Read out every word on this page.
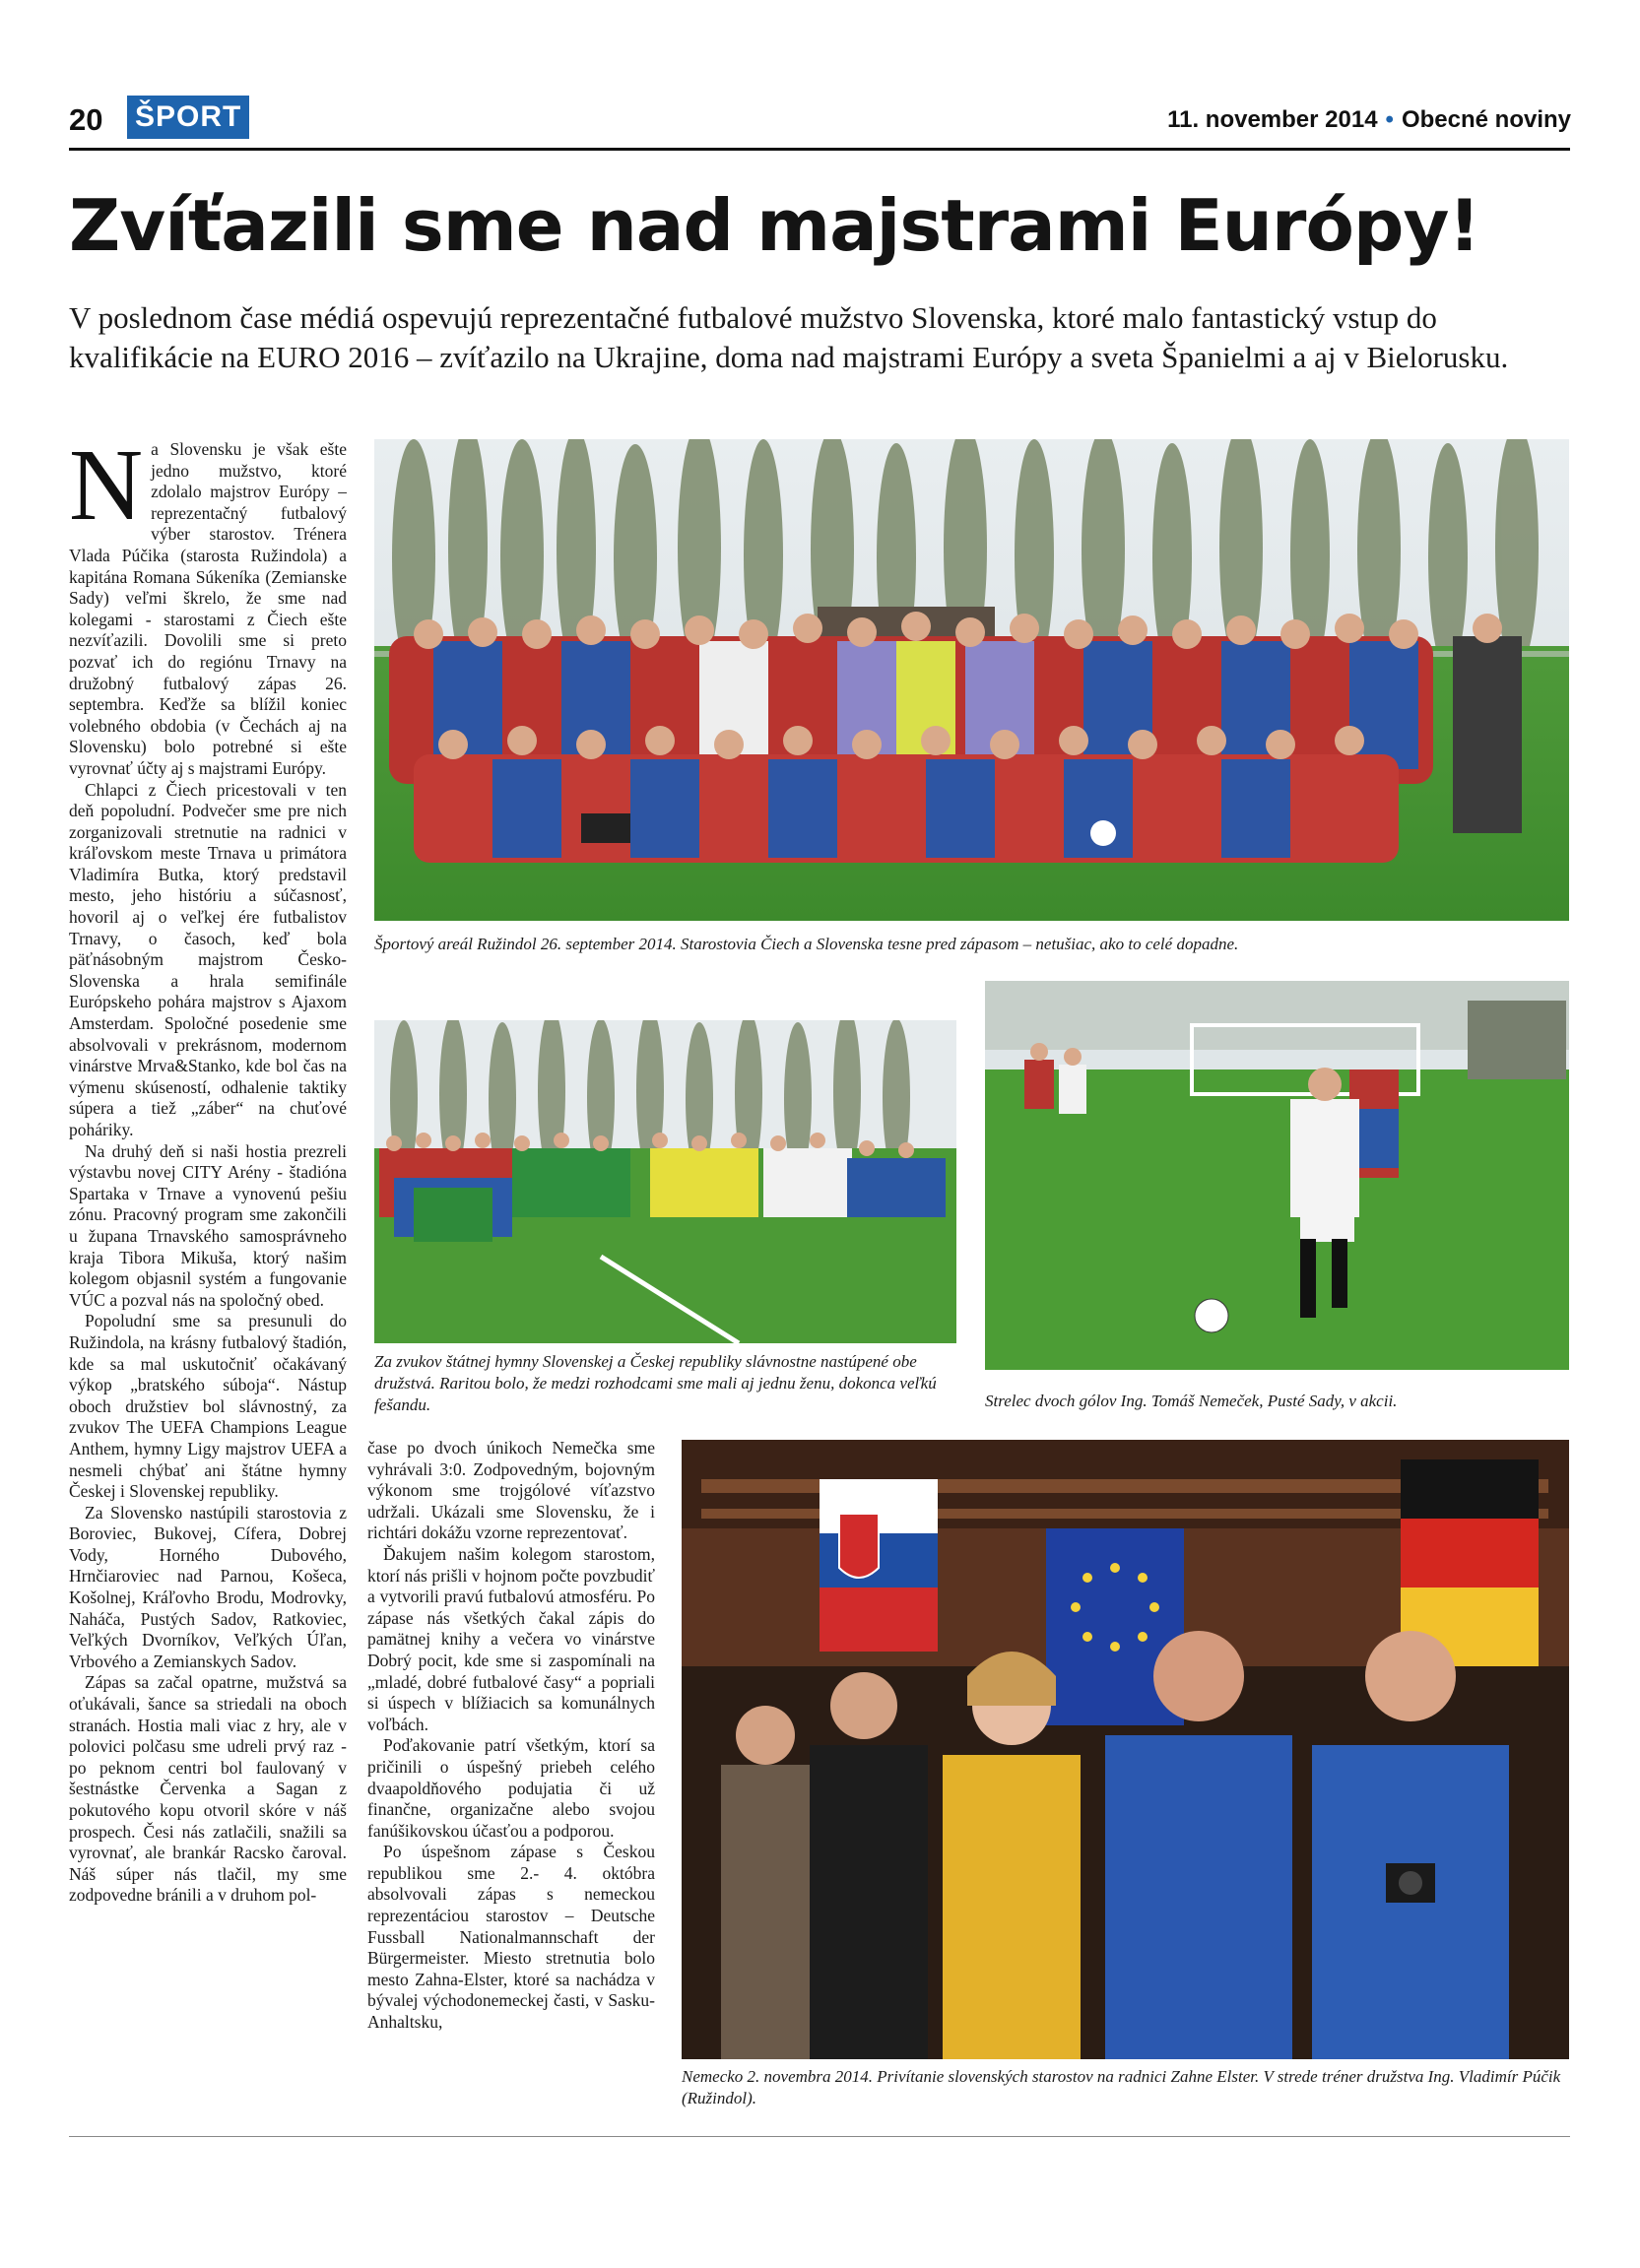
20 ŠPORT	11. november 2014 • Obecné noviny
Zvíťazili sme nad majstrami Európy!
V poslednom čase médiá ospevujú reprezentačné futbalové mužstvo Slovenska, ktoré malo fantastický vstup do kvalifikácie na EURO 2016 – zvíťazilo na Ukrajine, doma nad majstrami Európy a sveta Španielmi a aj v Bielorusku.

Na Slovensku je však ešte jedno mužstvo, ktoré zdolalo majstrov Európy – reprezentačný futbalový výber starostov. Trénera Vlada Púčika (starosta Ružindola) a kapitána Romana Súkeníka (Zemianske Sady) veľmi škrelo, že sme nad kolegami - starostami z Čiech ešte nezvíťazili. Dovolili sme si preto pozvať ich do regiónu Trnavy na družobný futbalový zápas 26. septembra. Keďže sa blížil koniec volebného obdobia (v Čechách aj na Slovensku) bolo potrebné si ešte vyrovnať účty aj s majstrami Európy.

Chlapci z Čiech pricestovali v ten deň popoludní. Podvečer sme pre nich zorganizovali stretnutie na radnici v kráľovskom meste Trnava u primátora Vladimíra Butka, ktorý predstavil mesto, jeho históriu a súčasnosť, hovoril aj o veľkej ére futbalistov Trnavy, o časoch, keď bola päťnásobným majstrom Česko-Slovenska a hrala semifinále Európskeho pohára majstrov s Ajaxom Amsterdam. Spoločné posedenie sme absolvovali v prekrásnom, modernom vinárstve Mrva&Stanko, kde bol čas na výmenu skúseností, odhalenie taktiky súpera a tiež „záber“ na chuťové poháriky.

Na druhý deň si naši hostia prezreli výstavbu novej CITY Arény - štadióna Spartaka v Trnave a vynovenú pešiu zónu. Pracovný program sme zakončili u župana Trnavského samosprávneho kraja Tibora Mikuša, ktorý našim kolegom objasnil systém a fungovanie VÚC a pozval nás na spoločný obed.

Popoludní sme sa presunuli do Ružindola, na krásny futbalový štadión, kde sa mal uskutočniť očakávaný výkop „bratského súboja“. Nástup oboch družstiev bol slávnostný, za zvukov The UEFA Champions League Anthem, hymny Ligy majstrov UEFA a nesmeli chýbať ani štátne hymny Českej i Slovenskej republiky.

Za Slovensko nastúpili starostovia z Boroviec, Bukovej, Cífera, Dobrej Vody, Horného Dubového, Hrnčiaroviec nad Parnou, Košeca, Košolnej, Kráľovho Brodu, Modrovky, Naháča, Pustých Sadov, Ratkoviec, Veľkých Dvorníkov, Veľkých Úľan, Vrbového a Zemianskych Sadov.

Zápas sa začal opatrne, mužstvá sa oťukávali, šance sa striedali na oboch stranách. Hostia mali viac z hry, ale v polovici polčasu sme udreli prvý raz - po peknom centri bol faulovaný v šestnástke Červenka a Sagan z pokutového kopu otvoril skóre v náš prospech. Česi nás zatlačili, snažili sa vyrovnať, ale brankár Racsko čaroval. Náš súper nás tlačil, my sme zodpovedne bránili a v druhom pol-

čase po dvoch únikoch Nemečka sme vyhrávali 3:0. Zodpovedným, bojovným výkonom sme trojgólové víťazstvo udržali. Ukázali sme Slovensku, že i richtári dokážu vzorne reprezentovať.

Ďakujem našim kolegom starostom, ktorí nás prišli v hojnom počte povzbudiť a vytvorili pravú futbalovú atmosféru. Po zápase nás všetkých čakal zápis do pamätnej knihy a večera vo vinárstve Dobrý pocit, kde sme si zaspomínali na „mladé, dobré futbalové časy“ a popriali si úspech v blížiacich sa komunálnych voľbách.

Poďakovanie patrí všetkým, ktorí sa pričinili o úspešný priebeh celého dvaapoldňového podujatia či už finančne, organizačne alebo svojou fanúšikovskou účasťou a podporou.

Po úspešnom zápase s Českou republikou sme 2.- 4. októbra absolvovali zápas s nemeckou reprezentáciou starostov – Deutsche Fussball Nationalmannschaft der Bürgermeister. Miesto stretnutia bolo mesto Zahna-Elster, ktoré sa nachádza v bývalej východonemeckej časti, v Sasku-Anhaltsku,

Športový areál Ružindol 26. september 2014. Starostovia Čiech a Slovenska tesne pred zápasom – netušiac, ako to celé dopadne.
Za zvukov štátnej hymny Slovenskej a Českej republiky slávnostne nastúpené obe družstvá. Raritou bolo, že medzi rozhodcami sme mali aj jednu ženu, dokonca veľkú fešandu.	Strelec dvoch gólov Ing. Tomáš Nemeček, Pusté Sady, v akcii.
Nemecko 2. novembra 2014. Privítanie slovenských starostov na radnici Zahne Elster. V strede tréner družstva Ing. Vladimír Púčik (Ružindol).
